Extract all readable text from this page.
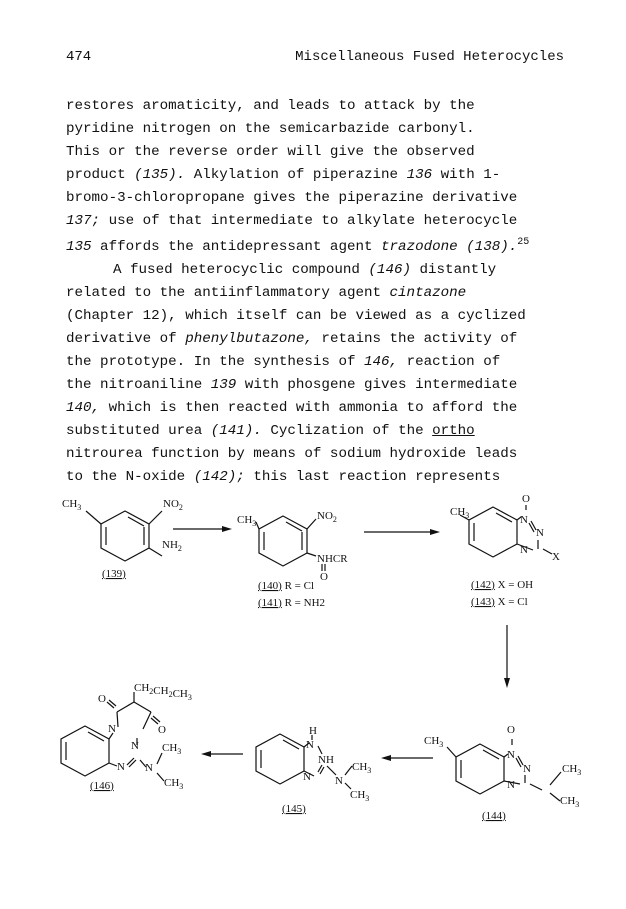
474	Miscellaneous Fused Heterocycles
restores aromaticity, and leads to attack by the
pyridine nitrogen on the semicarbazide carbonyl.
This or the reverse order will give the observed
product (135). Alkylation of piperazine 136 with 1-
bromo-3-chloropropane gives the piperazine derivative
137; use of that intermediate to alkylate heterocycle
135 affords the antidepressant agent trazodone (138).$^{25}$
A fused heterocyclic compound (146) distantly
related to the antiinflammatory agent cintazone
(Chapter 12), which itself can be viewed as a cyclized
derivative of phenylbutazone, retains the activity of
the prototype. In the synthesis of 146, reaction of
the nitroaniline 139 with phosgene gives intermediate
140, which is then reacted with ammonia to afford the
substituted urea (141). Cyclization of the ortho
nitrourea function by means of sodium hydroxide leads
to the N-oxide (142); this last reaction represents
$CH_3$	$NO_2$
$NH_2$
(139)
$CH_3$
$NO_2$
NHCR
O
(140) R = Cl
(141) R = NH2
$CH_3$
O
N
N
N
X
(142) X = OH
(143) X = Cl
$CH_3$
O
N
N
N
$CH_3$
$CH_3$
(144)
H
N
NH
N N
$CH_3$
$CH_3$
(145)
$CH_2CH_2CH_3$
O
O
N
N
N N
$CH_3$
$CH_3$
(146)
